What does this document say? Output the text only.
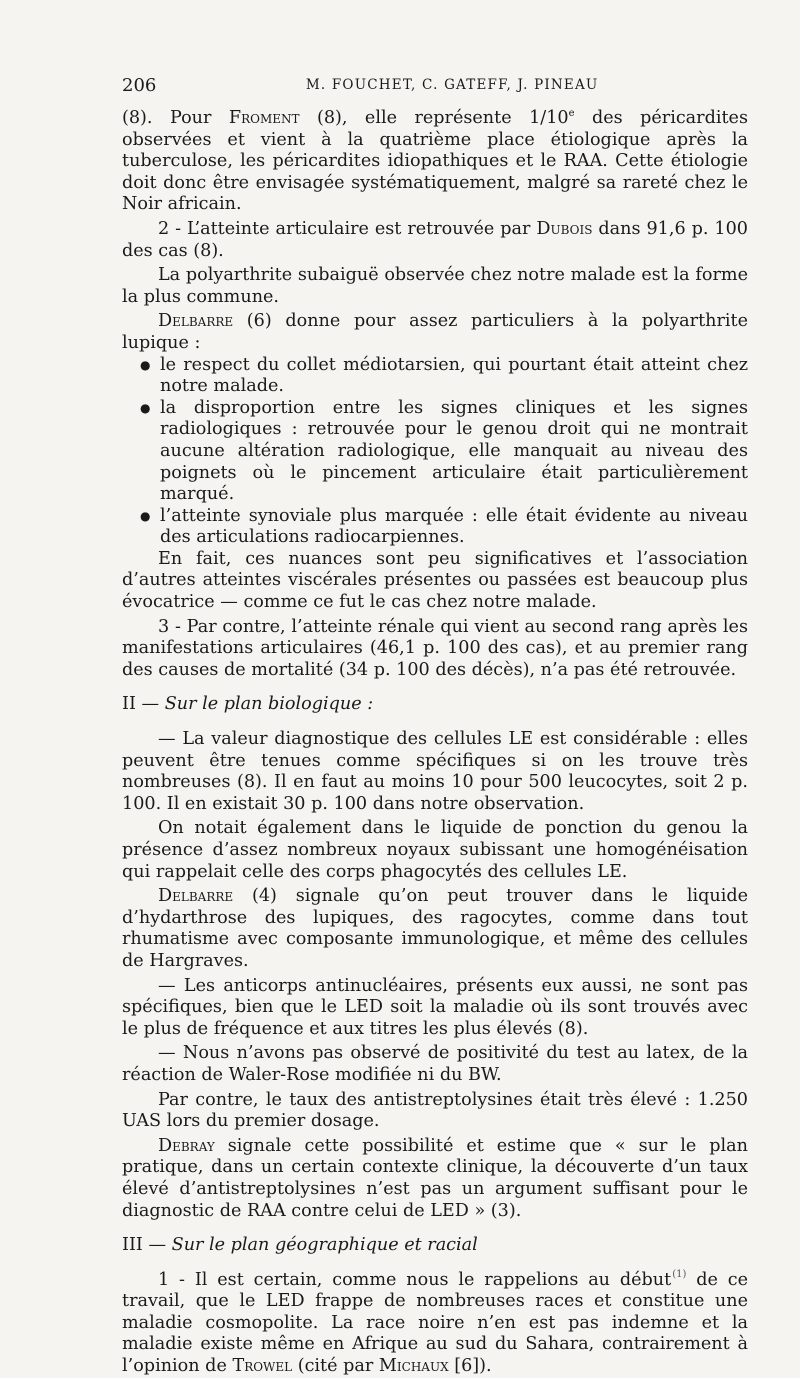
206	M. FOUCHET, C. GATEFF, J. PINEAU

(8). Pour Froment (8), elle représente 1/10e des péricardites observées et vient à la quatrième place étiologique après la tuberculose, les péricardites idiopathiques et le RAA. Cette étiologie doit donc être envisagée systématiquement, malgré sa rareté chez le Noir africain.

2 - L’atteinte articulaire est retrouvée par Dubois dans 91,6 p. 100 des cas (8).

La polyarthrite subaiguë observée chez notre malade est la forme la plus commune.

Delbarre (6) donne pour assez particuliers à la polyarthrite lupique :

● le respect du collet médiotarsien, qui pourtant était atteint chez notre malade.
● la disproportion entre les signes cliniques et les signes radiologiques : retrouvée pour le genou droit qui ne montrait aucune altération radiologique, elle manquait au niveau des poignets où le pincement articulaire était particulièrement marqué.
● l’atteinte synoviale plus marquée : elle était évidente au niveau des articulations radiocarpiennes.

En fait, ces nuances sont peu significatives et l’association d’autres atteintes viscérales présentes ou passées est beaucoup plus évocatrice — comme ce fut le cas chez notre malade.

3 - Par contre, l’atteinte rénale qui vient au second rang après les manifestations articulaires (46,1 p. 100 des cas), et au premier rang des causes de mortalité (34 p. 100 des décès), n’a pas été retrouvée.

II — Sur le plan biologique :

— La valeur diagnostique des cellules LE est considérable : elles peuvent être tenues comme spécifiques si on les trouve très nombreuses (8). Il en faut au moins 10 pour 500 leucocytes, soit 2 p. 100. Il en existait 30 p. 100 dans notre observation.

On notait également dans le liquide de ponction du genou la présence d’assez nombreux noyaux subissant une homogénéisation qui rappelait celle des corps phagocytés des cellules LE.

Delbarre (4) signale qu’on peut trouver dans le liquide d’hydarthrose des lupiques, des ragocytes, comme dans tout rhumatisme avec composante immunologique, et même des cellules de Hargraves.

— Les anticorps antinucléaires, présents eux aussi, ne sont pas spécifiques, bien que le LED soit la maladie où ils sont trouvés avec le plus de fréquence et aux titres les plus élevés (8).

— Nous n’avons pas observé de positivité du test au latex, de la réaction de Waler-Rose modifiée ni du BW.

Par contre, le taux des antistreptolysines était très élevé : 1.250 UAS lors du premier dosage.

Debray signale cette possibilité et estime que « sur le plan pratique, dans un certain contexte clinique, la découverte d’un taux élevé d’antistreptolysines n’est pas un argument suffisant pour le diagnostic de RAA contre celui de LED » (3).

III — Sur le plan géographique et racial

1 - Il est certain, comme nous le rappelions au début$^{(1)}$ de ce travail, que le LED frappe de nombreuses races et constitue une maladie cosmopolite. La race noire n’en est pas indemne et la maladie existe même en Afrique au sud du Sahara, contrairement à l’opinion de Trowel (cité par Michaux [6]).
